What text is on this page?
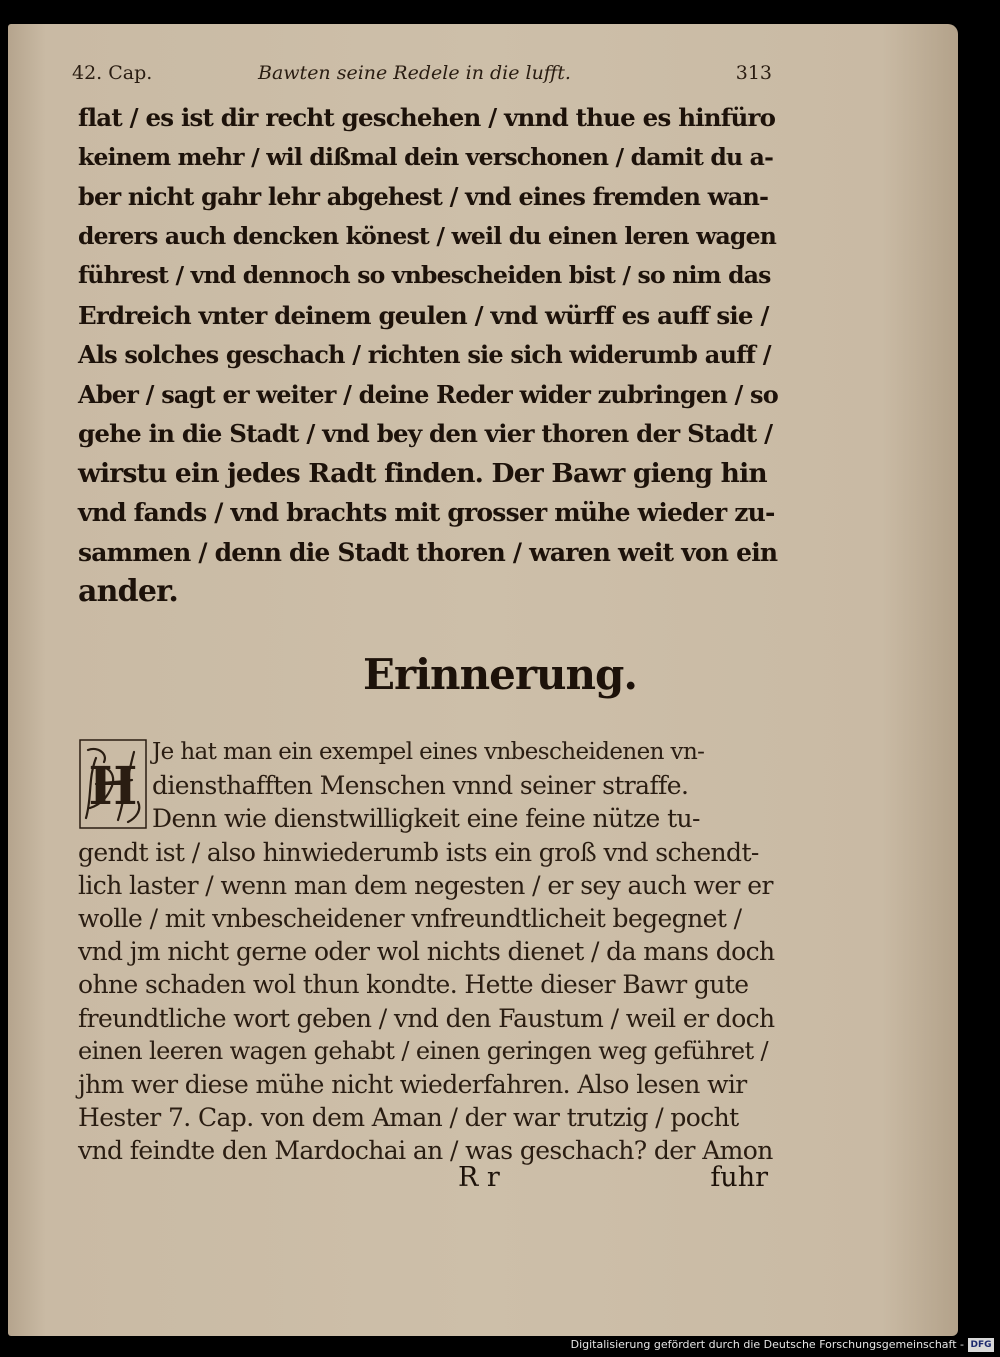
42. Cap.	Bawten seine Redele in die lufft.	313
flat / es ist dir recht geschehen / vnnd thue es hinfüro
keinem mehr / wil dißmal dein verschonen / damit du a-
ber nicht gahr lehr abgehest / vnd eines fremden wan-
derers auch dencken könest / weil du einen leren wagen
führest / vnd dennoch so vnbescheiden bist / so nim das
Erdreich vnter deinem geulen / vnd würff es auff sie /
Als solches geschach / richten sie sich widerumb auff /
Aber / sagt er weiter / deine Reder wider zubringen / so
gehe in die Stadt / vnd bey den vier thoren der Stadt /
wirstu ein jedes Radt finden. Der Bawr gieng hin
vnd fands / vnd brachts mit grosser mühe wieder zu-
sammen / denn die Stadt thoren / waren weit von ein
ander.
Erinnerung.
H
Je hat man ein exempel eines vnbescheidenen vn-
diensthafften Menschen vnnd seiner straffe.
Denn wie dienstwilligkeit eine feine nütze tu-
gendt ist / also hinwiederumb ists ein groß vnd schendt-
lich laster / wenn man dem negesten / er sey auch wer er
wolle / mit vnbescheidener vnfreundtlicheit begegnet /
vnd jm nicht gerne oder wol nichts dienet / da mans doch
ohne schaden wol thun kondte. Hette dieser Bawr gute
freundtliche wort geben / vnd den Faustum / weil er doch
einen leeren wagen gehabt / einen geringen weg geführet /
jhm wer diese mühe nicht wiederfahren. Also lesen wir
Hester 7. Cap. von dem Aman / der war trutzig / pocht
vnd feindte den Mardochai an / was geschach? der Amon
R r	fuhr
Digitalisierung gefördert durch die Deutsche Forschungsgemeinschaft - DFG
